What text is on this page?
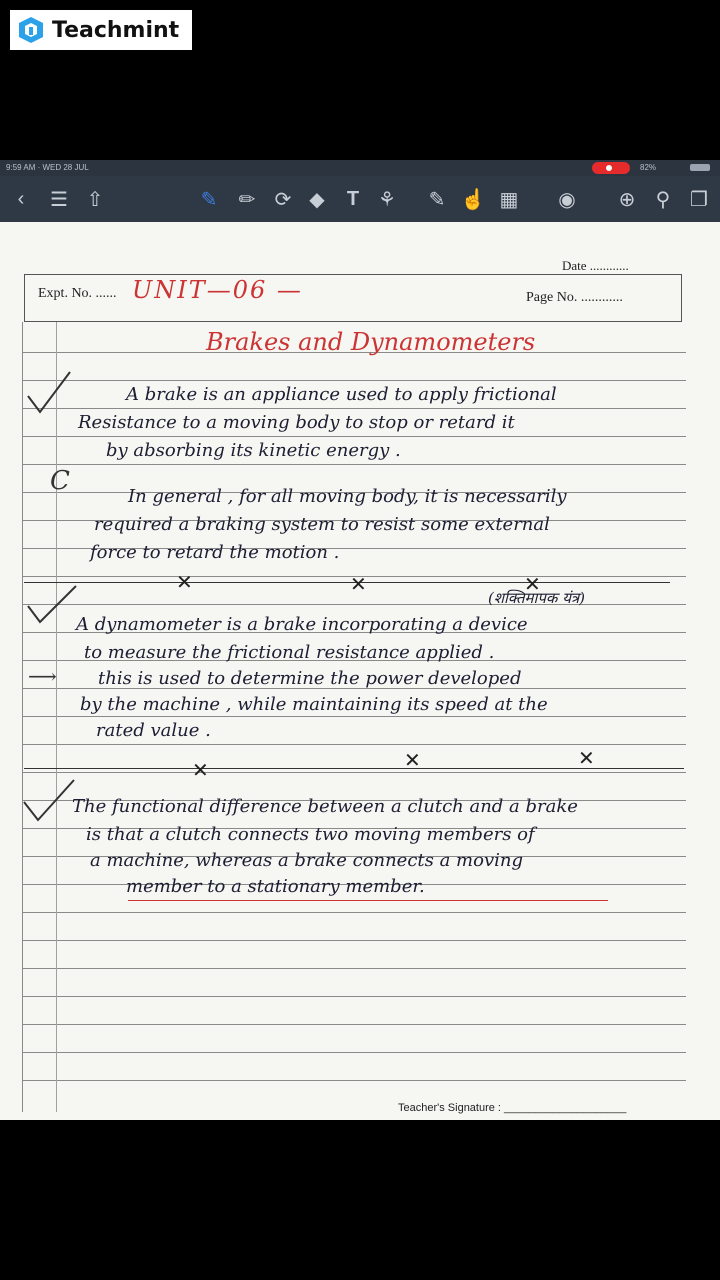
Teachmint
9:59 AM · WED 28 JUL	82%
‹	☰ ⇧	✎ ✏ ⟳ ◆	T ⚘ ✎ ☝ ▦ ◉ ⊕ ⚲ ❐
Date ............
Expt. No. ...... UNIT—06 —	Page No. ............
Brakes and Dynamometers
A brake is an appliance used to apply frictional
Resistance to a moving body to stop or retard it
by absorbing its kinetic energy .
C
In general , for all moving body, it is necessarily
required a braking system to resist some external
force to retard the motion .
✕	✕	✕
(शक्तिमापक यंत्र)
A dynamometer is a brake incorporating a device
to measure the frictional resistance applied .
⟶ this is used to determine the power developed
by the machine , while maintaining its speed at the
rated value .
✕	✕	✕
The functional difference between a clutch and a brake
is that a clutch connects two moving members of
a machine, whereas a brake connects a moving
member to a stationary member.
Teacher's Signature : ____________________
